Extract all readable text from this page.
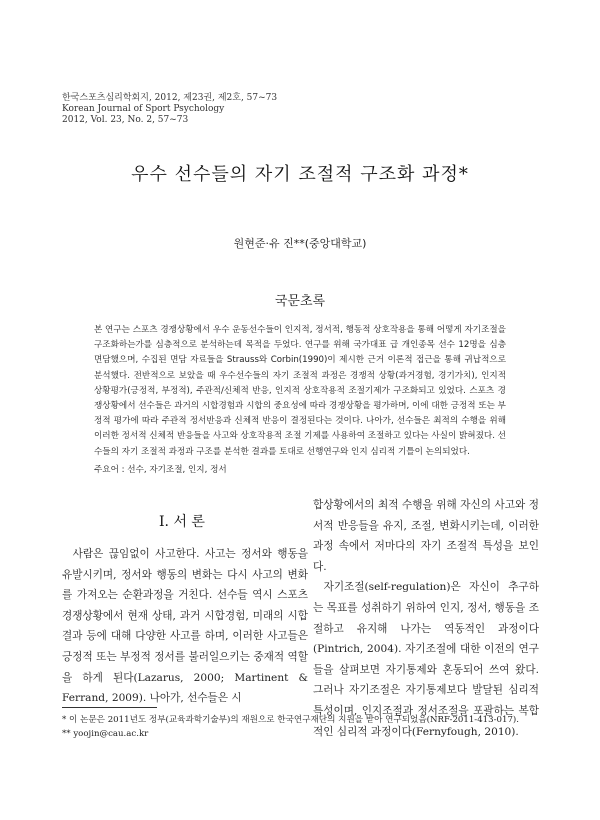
한국스포츠심리학회지, 2012, 제23권, 제2호, 57~73
Korean Journal of Sport Psychology
2012, Vol. 23, No. 2, 57~73
우수 선수들의 자기 조절적 구조화 과정*
원현준·유 진**(중앙대학교)
국문초록

본 연구는 스포츠 경쟁상황에서 우수 운동선수들이 인지적, 정서적, 행동적 상호작용을 통해 어떻게 자기조절을 구조화하는가를 심층적으로 분석하는데 목적을 두었다. 연구를 위해 국가대표 급 개인종목 선수 12명을 심층 면담했으며, 수집된 면담 자료들을 Strauss와 Corbin(1990)이 제시한 근거 이론적 접근을 통해 귀납적으로 분석했다. 전반적으로 보았을 때 우수선수들의 자기 조절적 과정은 경쟁적 상황(과거경험, 경기가치), 인지적 상황평가(긍정적, 부정적), 주관적/신체적 반응, 인지적 상호작용적 조절기제가 구조화되고 있었다. 스포츠 경쟁상황에서 선수들은 과거의 시합경험과 시합의 중요성에 따라 경쟁상황을 평가하며, 이에 대한 긍정적 또는 부정적 평가에 따라 주관적 정서반응과 신체적 반응이 결정된다는 것이다. 나아가, 선수들은 최적의 수행을 위해 이러한 정서적 신체적 반응들을 사고와 상호작용적 조절 기제를 사용하여 조절하고 있다는 사실이 밝혀졌다. 선수들의 자기 조절적 과정과 구조를 분석한 결과를 토대로 선행연구와 인지 심리적 기틀이 논의되었다.

주요어 : 선수, 자기조절, 인지, 정서
I. 서 론

사람은 끊임없이 사고한다. 사고는 정서와 행동을 유발시키며, 정서와 행동의 변화는 다시 사고의 변화를 가져오는 순환과정을 거친다. 선수들 역시 스포츠 경쟁상황에서 현재 상태, 과거 시합경험, 미래의 시합결과 등에 대해 다양한 사고를 하며, 이러한 사고들은 긍정적 또는 부정적 정서를 불러일으키는 중재적 역할을 하게 된다(Lazarus, 2000; Martinent & Ferrand, 2009). 나아가, 선수들은 시

합상황에서의 최적 수행을 위해 자신의 사고와 정서적 반응들을 유지, 조절, 변화시키는데, 이러한 과정 속에서 저마다의 자기 조절적 특성을 보인다.

자기조절(self-regulation)은 자신이 추구하는 목표를 성취하기 위하여 인지, 정서, 행동을 조절하고 유지해 나가는 역동적인 과정이다(Pintrich, 2004). 자기조절에 대한 이전의 연구들을 살펴보면 자기통제와 혼동되어 쓰여 왔다. 그러나 자기조절은 자기통제보다 발달된 심리적 특성이며, 인지조절과 정서조절을 포괄하는 복합적인 심리적 과정이다(Fernyfough, 2010).

* 이 논문은 2011년도 정부(교육과학기술부)의 재원으로 한국연구재단의 지원을 받아 연구되었음(NRF-2011-413-017).
** yoojin@cau.ac.kr
